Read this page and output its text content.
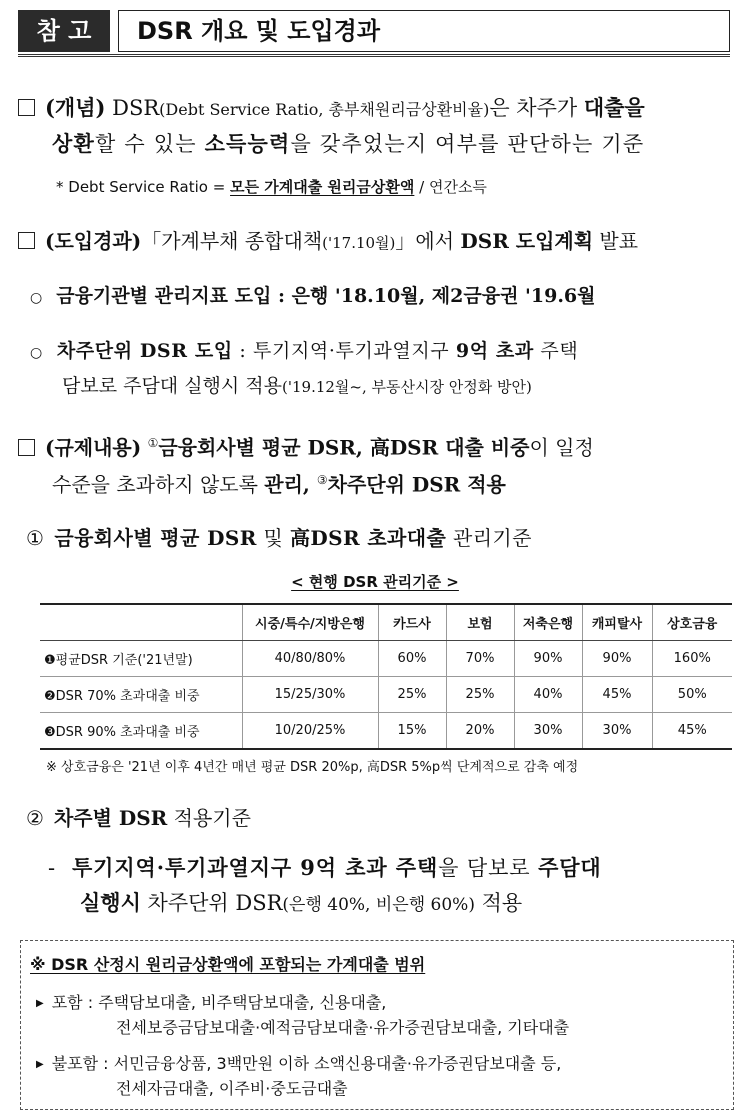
참 고	DSR 개요 및 도입경과
(개념) DSR(Debt Service Ratio, 총부채원리금상환비율)은 차주가 대출을
상환할 수 있는 소득능력을 갖추었는지 여부를 판단하는 기준
* Debt Service Ratio = 모든 가계대출 원리금상환액 / 연간소득
(도입경과)「가계부채 종합대책('17.10월)」에서 DSR 도입계획 발표
○ 금융기관별 관리지표 도입 : 은행 '18.10월, 제2금융권 '19.6월
○ 차주단위 DSR 도입 : 투기지역·투기과열지구 9억 초과 주택
담보로 주담대 실행시 적용('19.12월~, 부동산시장 안정화 방안)
(규제내용) ①금융회사별 평균 DSR, 高DSR 대출 비중이 일정
수준을 초과하지 않도록 관리, ③차주단위 DSR 적용
① 금융회사별 평균 DSR 및 高DSR 초과대출 관리기준
< 현행 DSR 관리기준 >
	시중/특수/지방은행	카드사	보험	저축은행	캐피탈사	상호금융
❶평균DSR 기준('21년말)	40/80/80%	60%	70%	90%	90%	160%
❷DSR 70% 초과대출 비중	15/25/30%	25%	25%	40%	45%	50%
❸DSR 90% 초과대출 비중	10/20/25%	15%	20%	30%	30%	45%
※ 상호금융은 '21년 이후 4년간 매년 평균 DSR 20%p, 高DSR 5%p씩 단계적으로 감축 예정
② 차주별 DSR 적용기준
- 투기지역·투기과열지구 9억 초과 주택을 담보로 주담대
실행시 차주단위 DSR(은행 40%, 비은행 60%) 적용
※ DSR 산정시 원리금상환액에 포함되는 가계대출 범위
▶ 포함 : 주택담보대출, 비주택담보대출, 신용대출,
전세보증금담보대출·예적금담보대출·유가증권담보대출, 기타대출
▶ 불포함 : 서민금융상품, 3백만원 이하 소액신용대출·유가증권담보대출 등,
전세자금대출, 이주비·중도금대출
